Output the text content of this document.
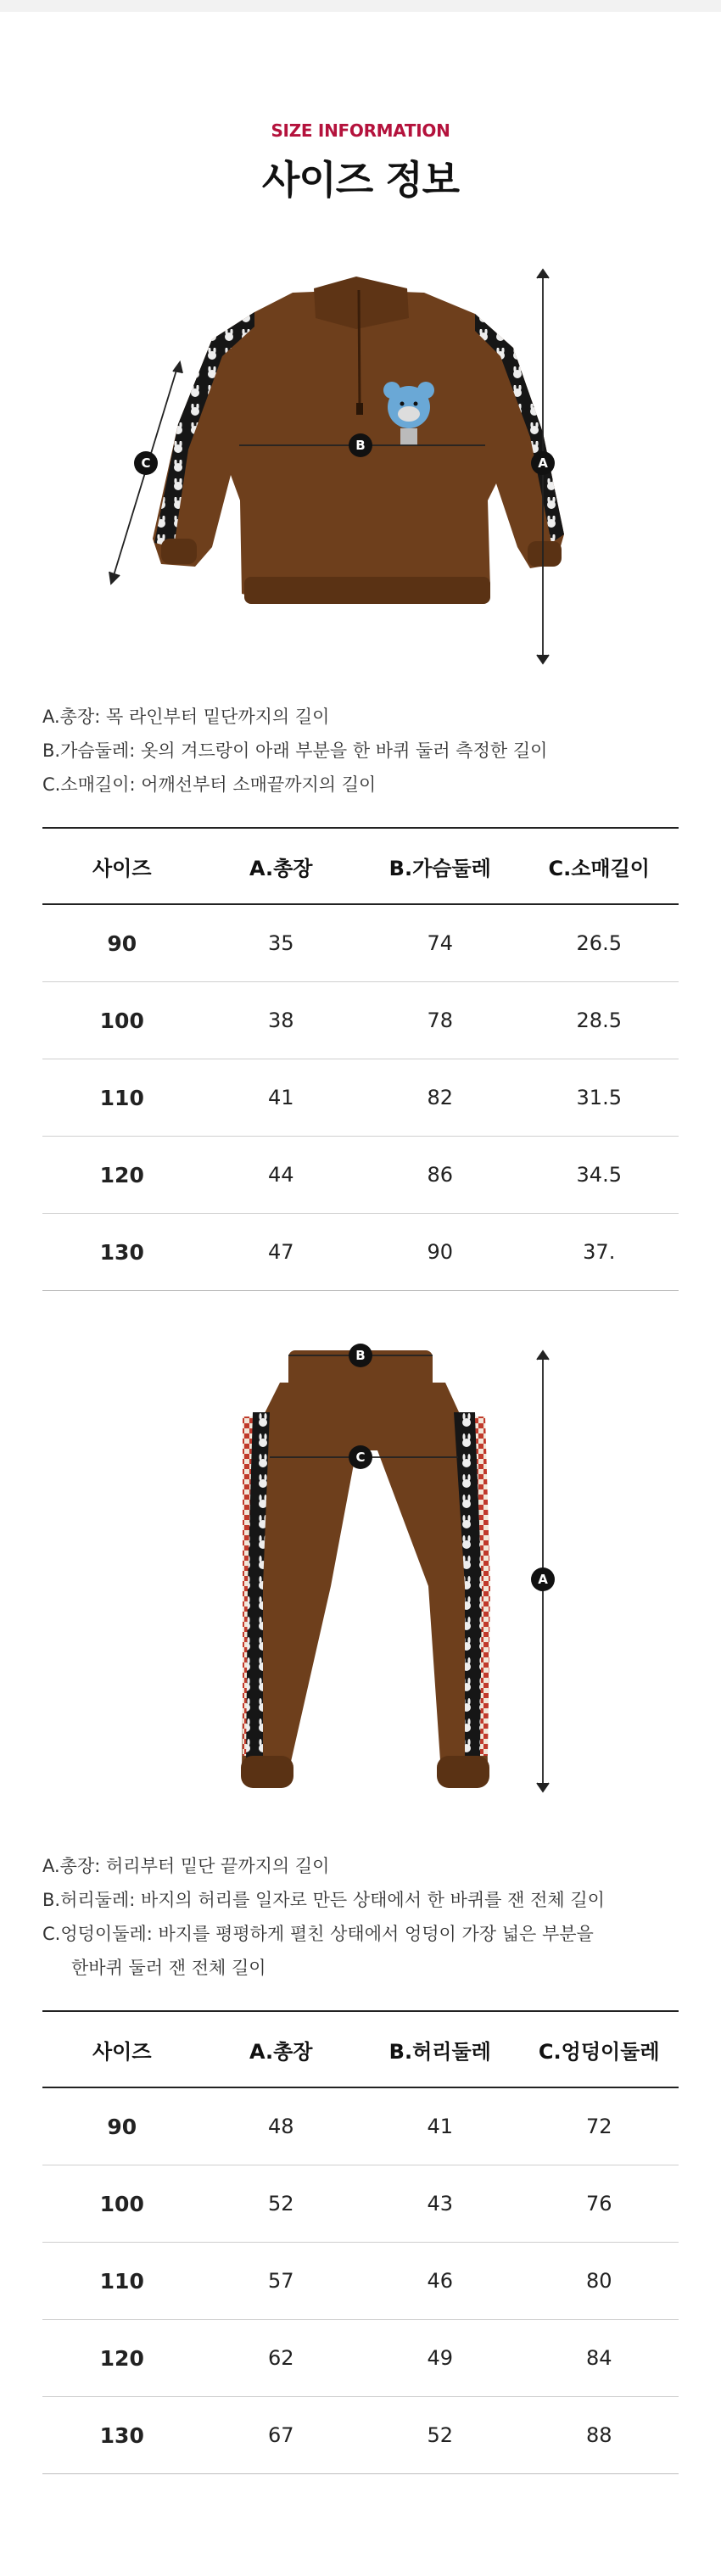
SIZE INFORMATION
사이즈 정보
A
B
C
A. 총장: 목 라인부터 밑단까지의 길이
B. 가슴둘레: 옷의 겨드랑이 아래 부분을 한 바퀴 둘러 측정한 길이
C. 소매길이: 어깨선부터 소매끝까지의 길이
사이즈	A.총장	B.가슴둘레	C.소매길이
90	35	74	26.5
100	38	78	28.5
110	41	82	31.5
120	44	86	34.5
130	47	90	37.
B
C
A
A. 총장: 허리부터 밑단 끝까지의 길이
B. 허리둘레: 바지의 허리를 일자로 만든 상태에서 한 바퀴를 잰 전체 길이
C. 엉덩이둘레: 바지를 평평하게 펼친 상태에서 엉덩이 가장 넓은 부분을
한바퀴 둘러 잰 전체 길이
사이즈	A.총장	B.허리둘레	C.엉덩이둘레
90	48	41	72
100	52	43	76
110	57	46	80
120	62	49	84
130	67	52	88
